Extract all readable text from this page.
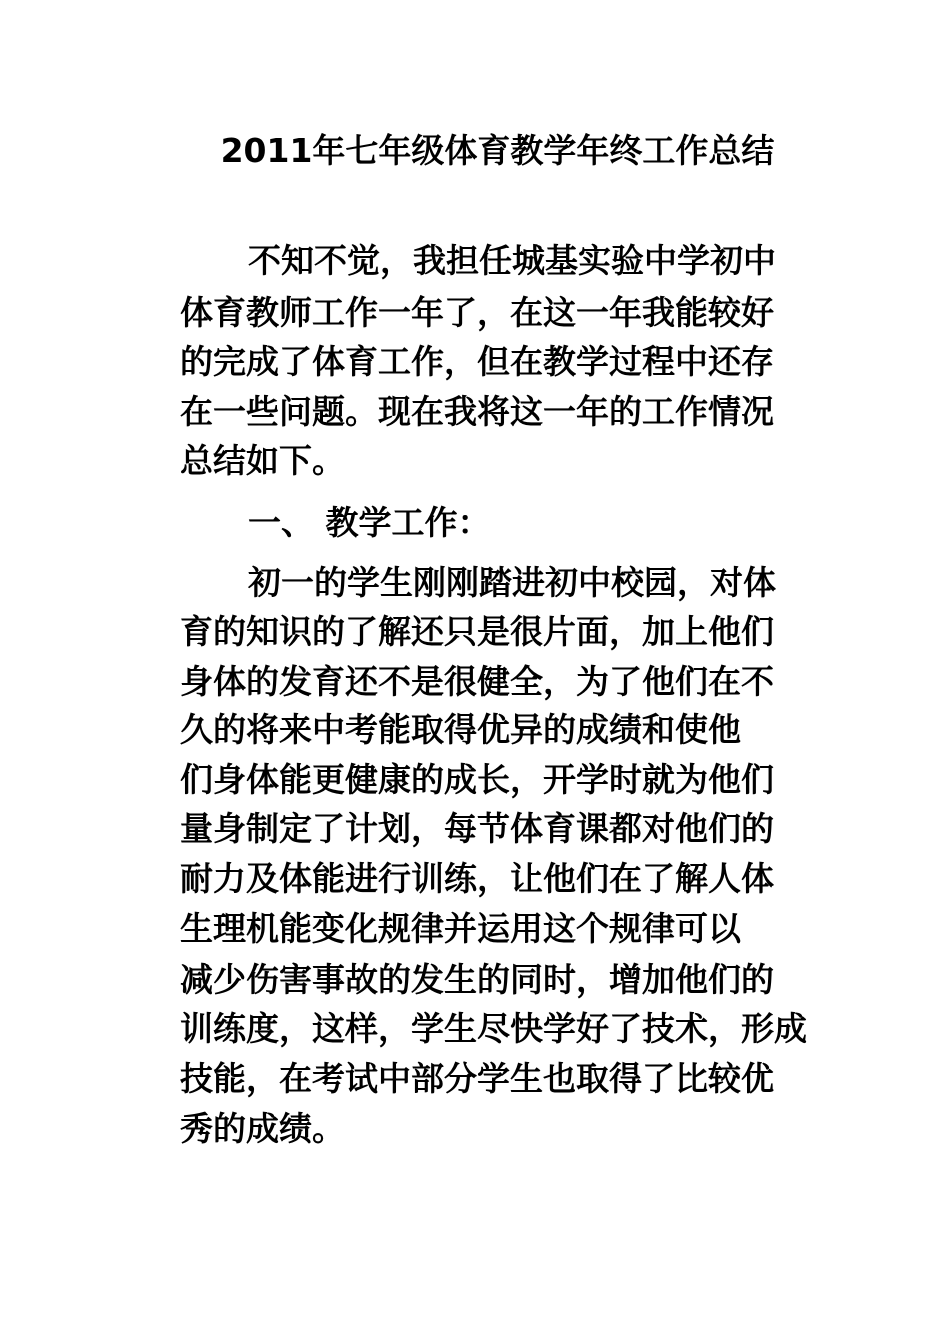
2011年七年级体育教学年终工作总结

不知不觉，我担任城基实验中学初中

体育教师工作一年了，在这一年我能较好

的完成了体育工作，但在教学过程中还存

在一些问题。现在我将这一年的工作情况

总结如下。

一、 教学工作：

初一的学生刚刚踏进初中校园，对体

育的知识的了解还只是很片面，加上他们

身体的发育还不是很健全，为了他们在不

久的将来中考能取得优异的成绩和使他

们身体能更健康的成长，开学时就为他们

量身制定了计划，每节体育课都对他们的

耐力及体能进行训练，让他们在了解人体

生理机能变化规律并运用这个规律可以

减少伤害事故的发生的同时，增加他们的

训练度，这样，学生尽快学好了技术，形成

技能，在考试中部分学生也取得了比较优

秀的成绩。
